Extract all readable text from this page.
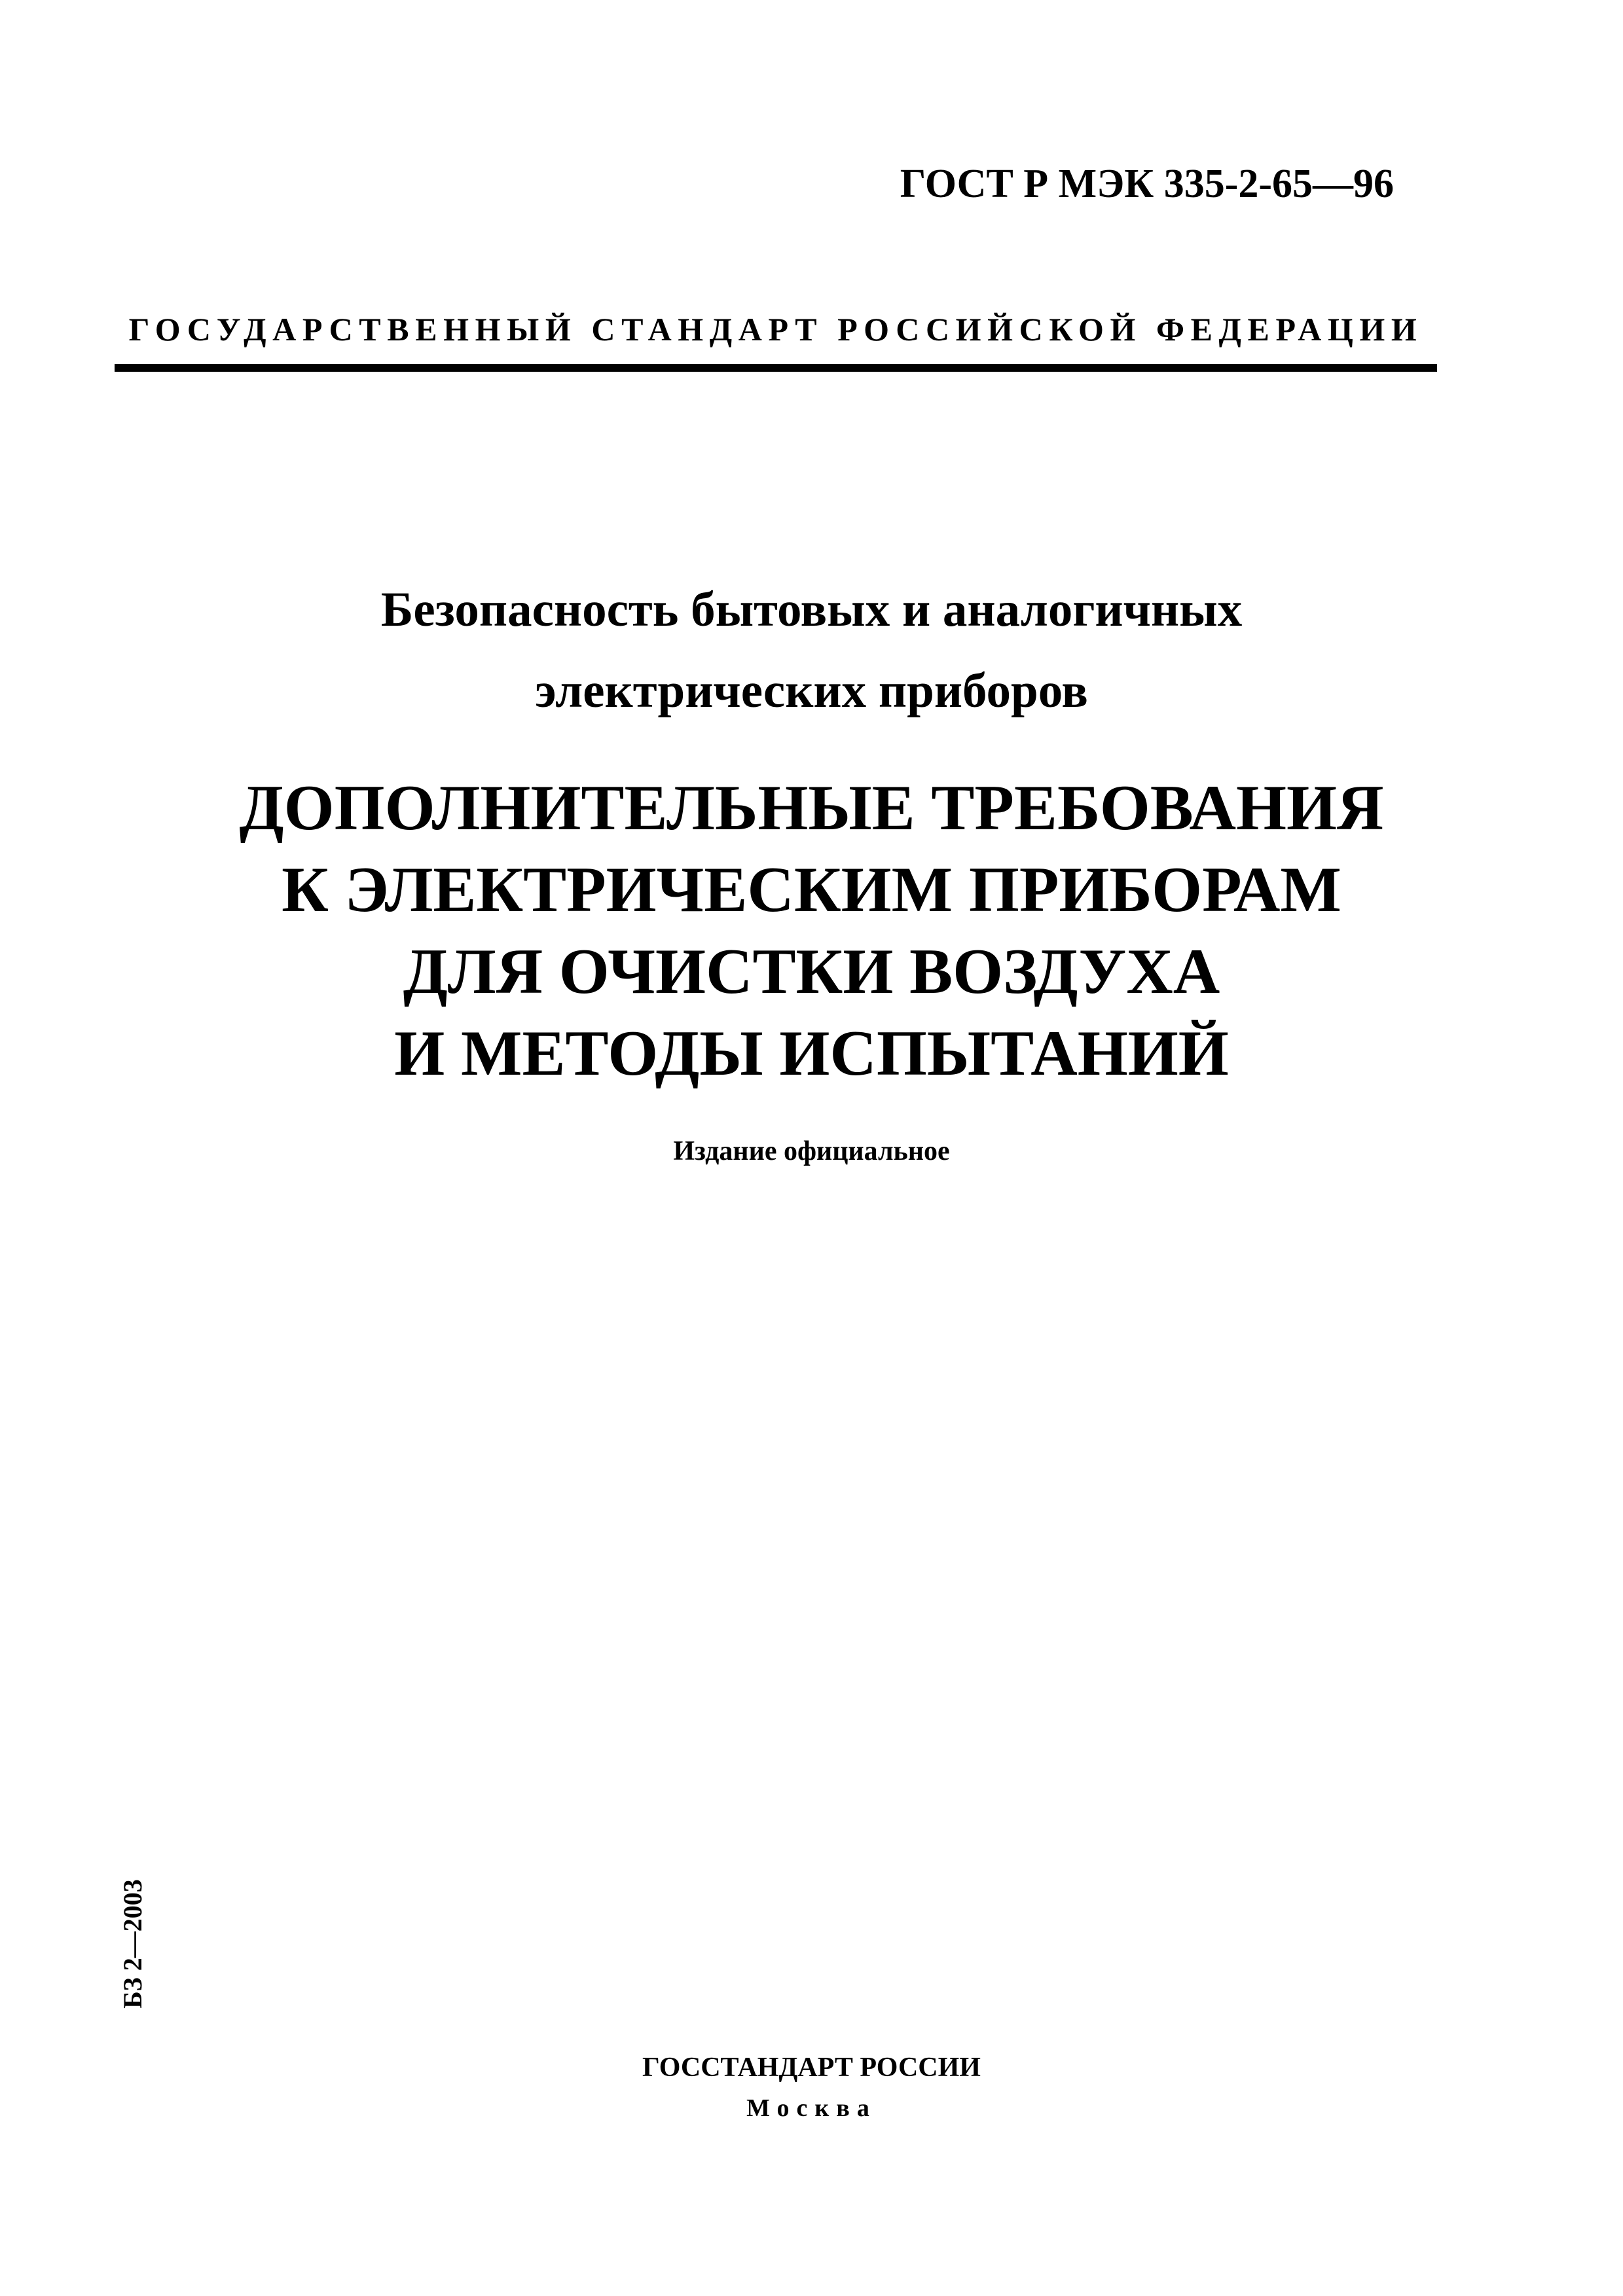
ГОСТ Р МЭК 335-2-65—96
ГОСУДАРСТВЕННЫЙ СТАНДАРТ РОССИЙСКОЙ ФЕДЕРАЦИИ
Безопасность бытовых и аналогичных
электрических приборов
ДОПОЛНИТЕЛЬНЫЕ ТРЕБОВАНИЯ
К ЭЛЕКТРИЧЕСКИМ ПРИБОРАМ
ДЛЯ ОЧИСТКИ ВОЗДУХА
И МЕТОДЫ ИСПЫТАНИЙ
Издание официальное
БЗ 2—2003
ГОССТАНДАРТ РОССИИ
Москва
